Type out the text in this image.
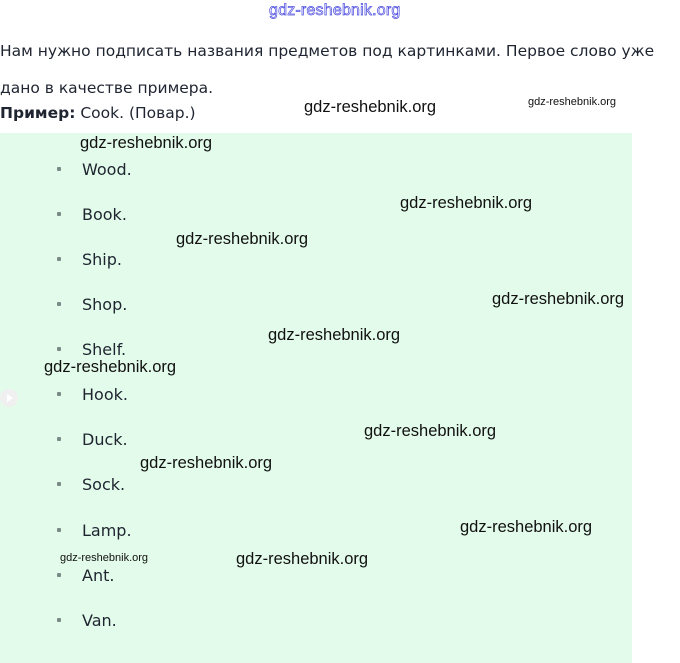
gdz-reshebnik.org

Нам нужно подписать названия предметов под картинками. Первое слово уже
дано в качестве примера.

Пример: Cook. (Повар.)
Wood.
Book.
Ship.
Shop.
Shelf.
Hook.
Duck.
Sock.
Lamp.
Ant.
Van.
gdz-reshebnik.org	gdz-reshebnik.org
gdz-reshebnik.org
gdz-reshebnik.org
gdz-reshebnik.org
gdz-reshebnik.org
gdz-reshebnik.org
gdz-reshebnik.org
gdz-reshebnik.org
gdz-reshebnik.org
gdz-reshebnik.org
gdz-reshebnik.org	gdz-reshebnik.org
